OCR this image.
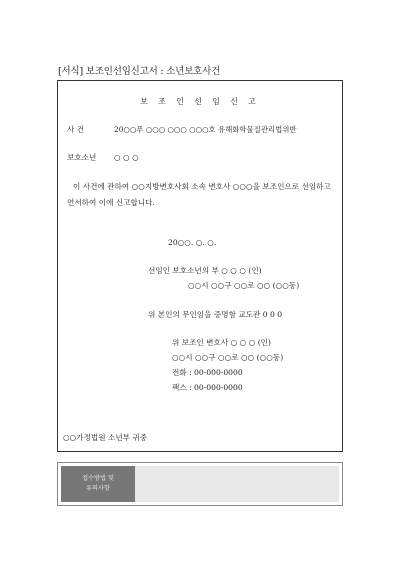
[서식] 보조인선임신고서 : 소년보호사건
보 조 인 선 임 신 고
사 건	20○○푸 ○○○ ○○○ ○○○호 유해화학물질관리법위반
보호소년 ○ ○ ○
이 사건에 관하여 ○○지방변호사회 소속 변호사 ○○○을 보조인으로 선임하고 연서하여 이에 신고합니다.
20○○. ○. ○.
선임인 보호소년의 부 ○ ○ ○ (인)
○○시 ○○구 ○○로 ○○ (○○동)
위 본인의 무인임을 증명함 교도관 0 0 0
위 보조인 변호사 ○ ○ ○ (인)
○○시 ○○구 ○○로 ○○ (○○동)
전화 : 00-000-0000
팩스 : 00-000-0000
○○가정법원 소년부 귀중
접수방법 및
유의사항
